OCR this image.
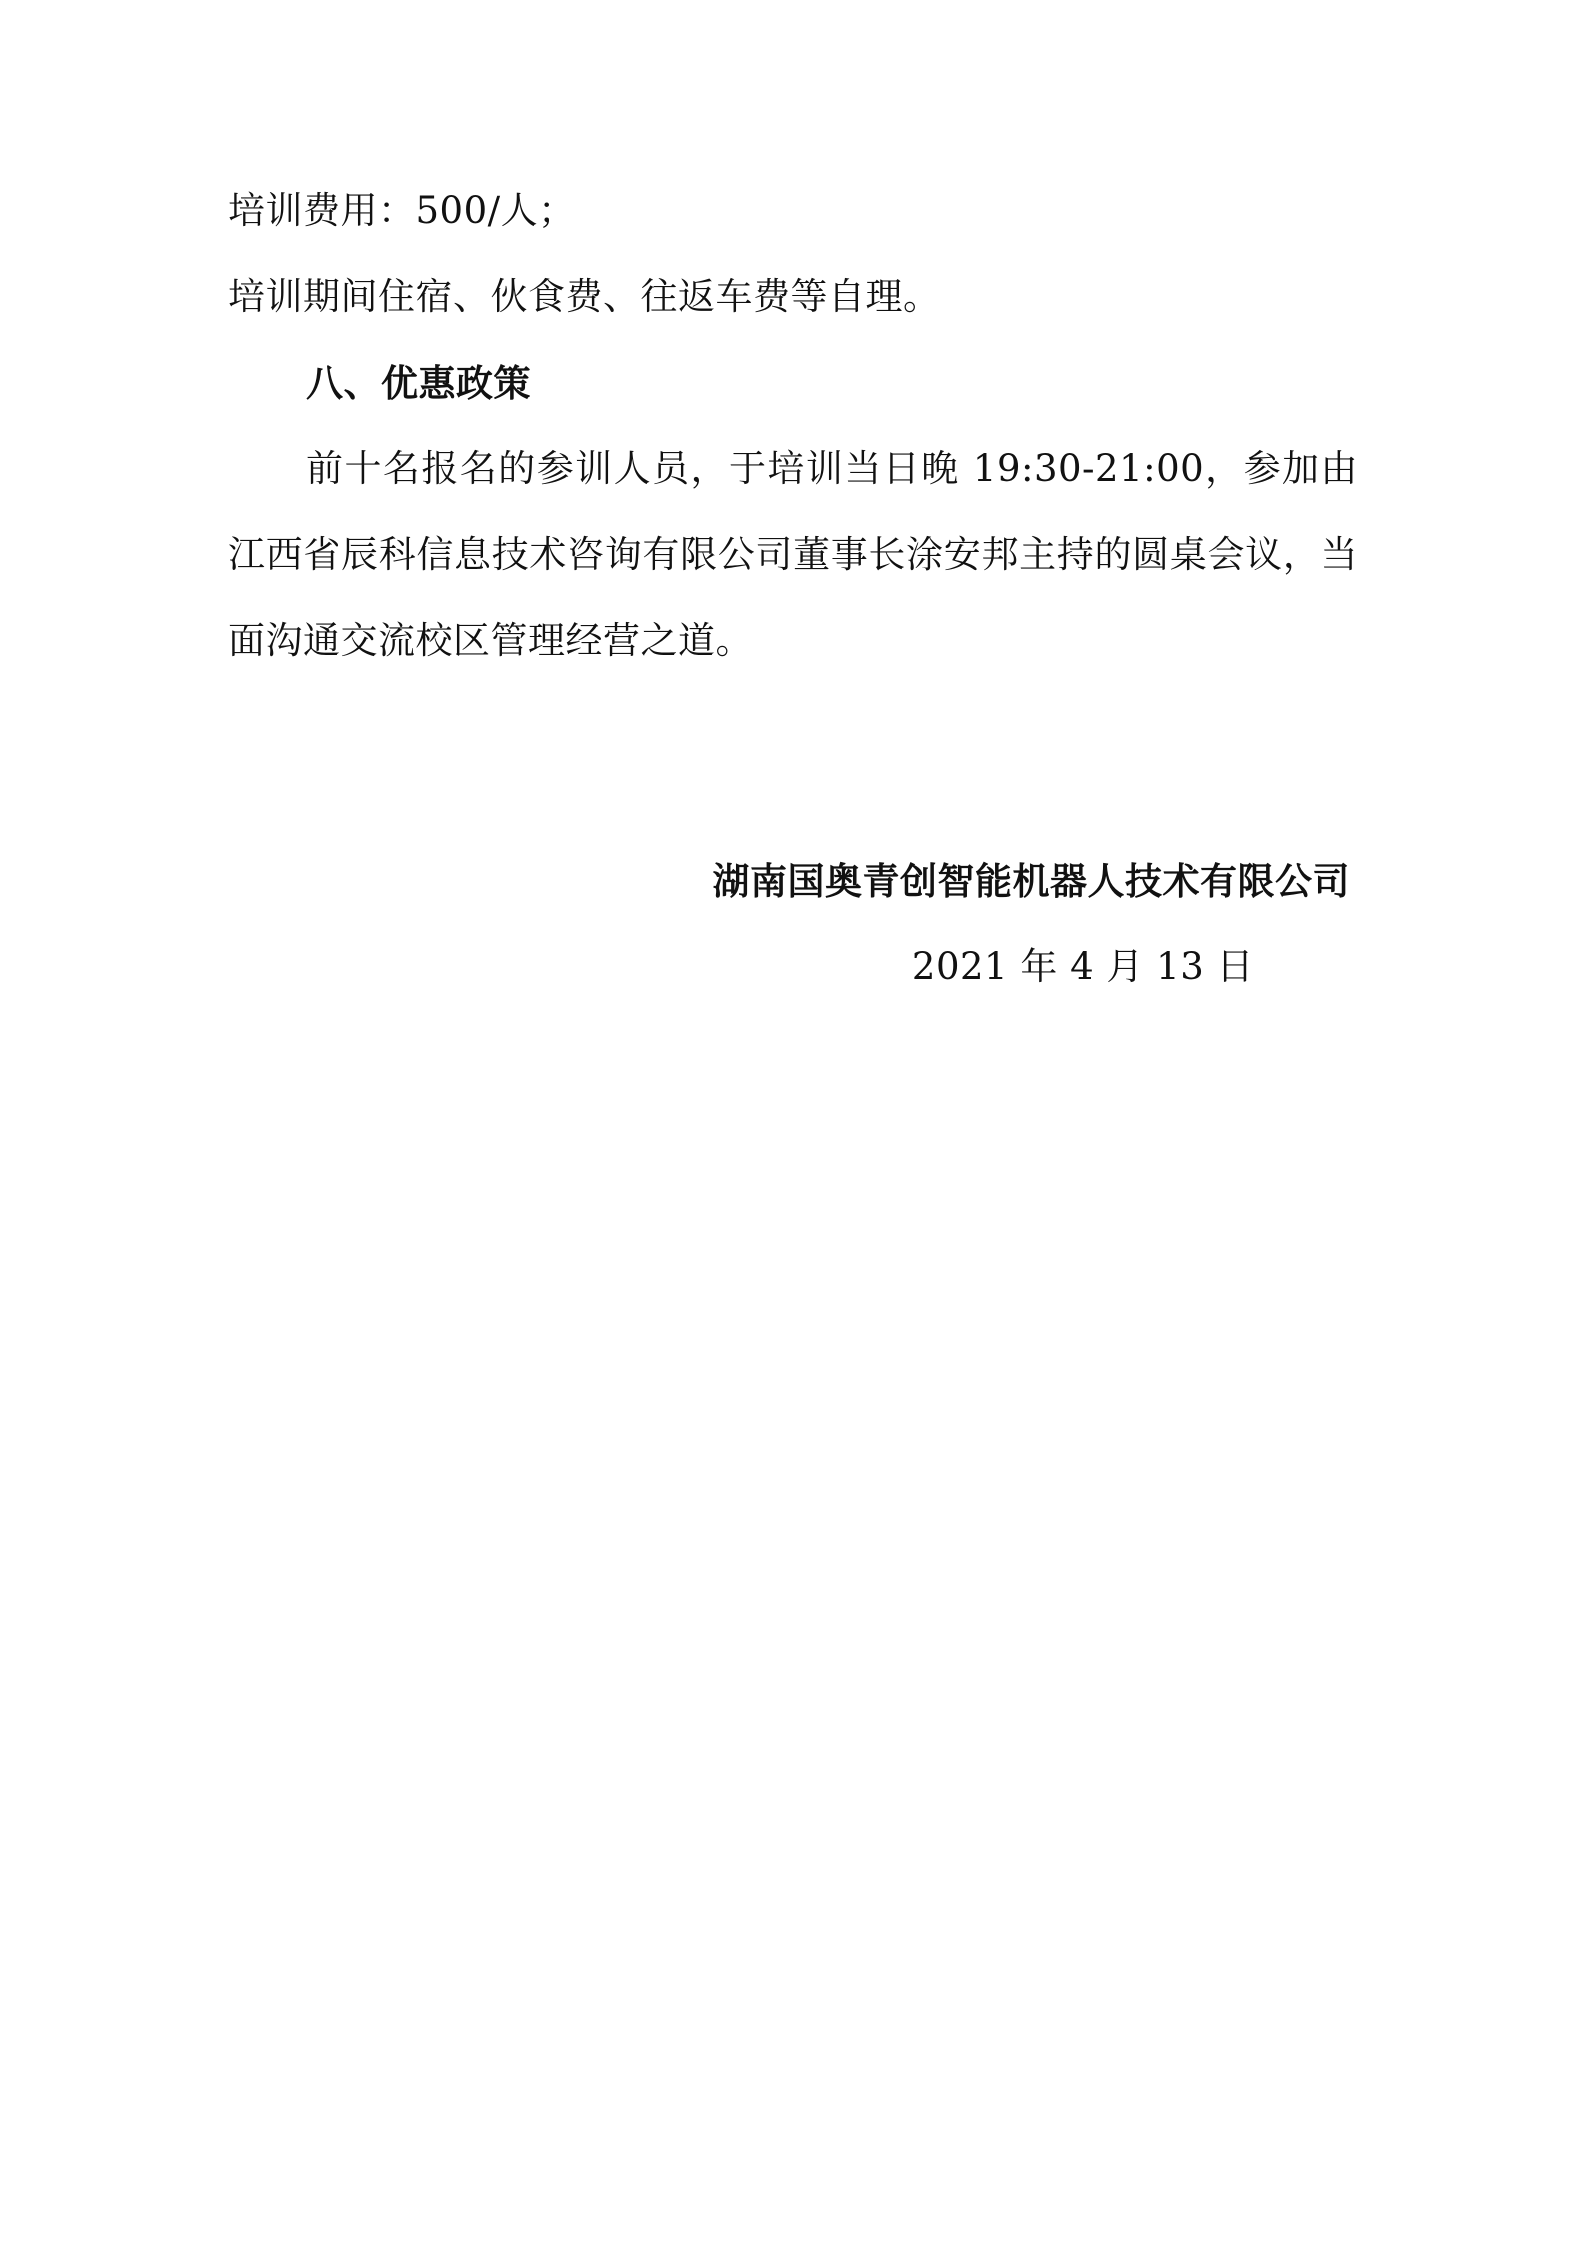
培训费用：500/人；
培训期间住宿、伙食费、往返车费等自理。
八、优惠政策
前十名报名的参训人员，于培训当日晚 19:30-21:00，参加由江西省辰科信息技术咨询有限公司董事长涂安邦主持的圆桌会议，当面沟通交流校区管理经营之道。
湖南国奥青创智能机器人技术有限公司
2021 年 4 月 13 日
